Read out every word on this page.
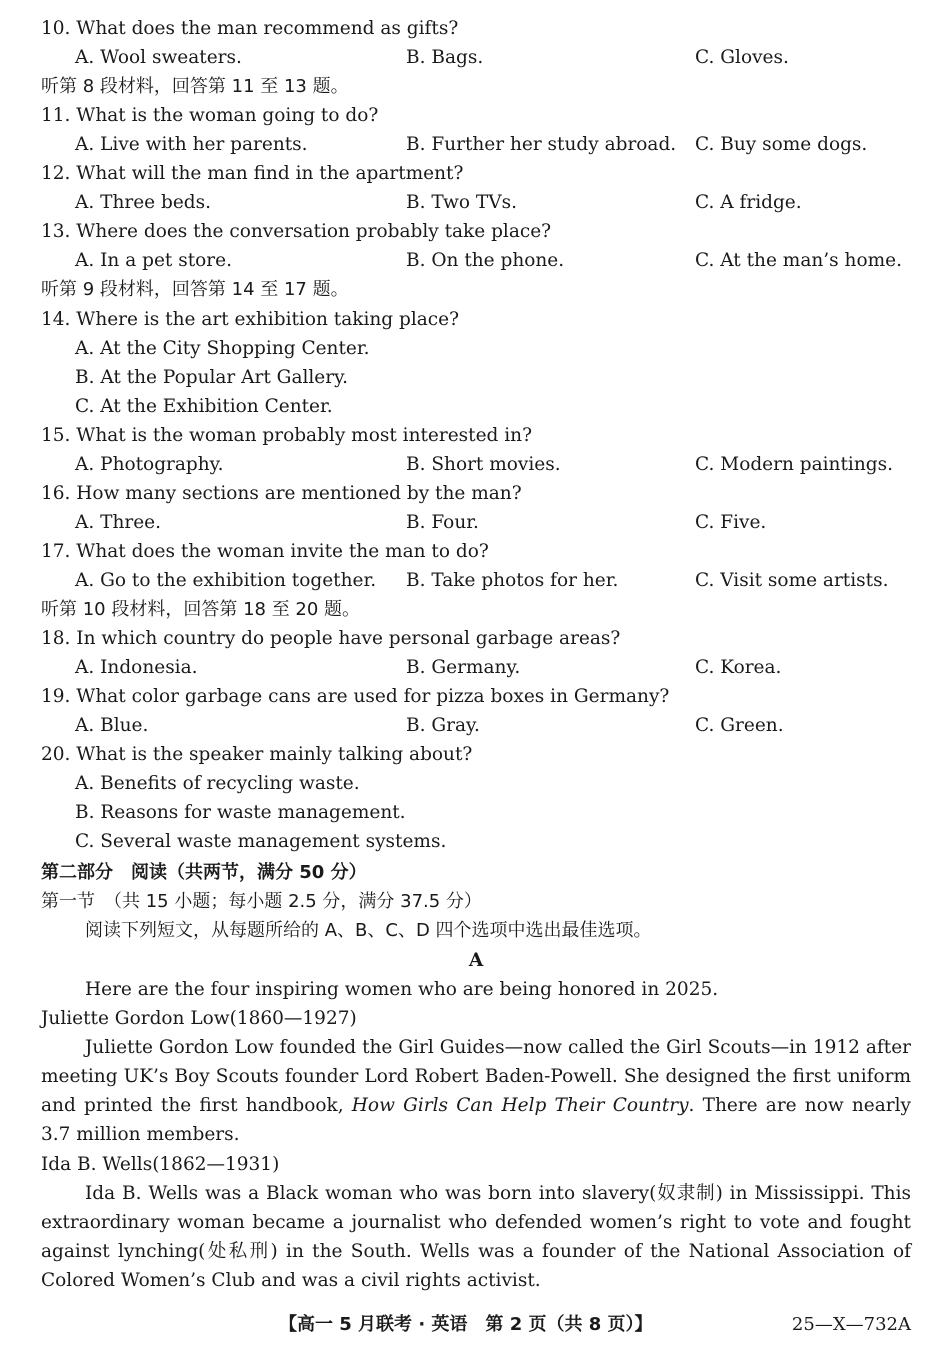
10. What does the man recommend as gifts?
A. Wool sweaters.	B. Bags.	C. Gloves.
听第 8 段材料，回答第 11 至 13 题。
11. What is the woman going to do?
A. Live with her parents.	B. Further her study abroad. C. Buy some dogs.
12. What will the man find in the apartment?
A. Three beds.	B. Two TVs.	C. A fridge.
13. Where does the conversation probably take place?
A. In a pet store.	B. On the phone.	C. At the man’s home.
听第 9 段材料，回答第 14 至 17 题。
14. Where is the art exhibition taking place?
A. At the City Shopping Center.
B. At the Popular Art Gallery.
C. At the Exhibition Center.
15. What is the woman probably most interested in?
A. Photography.	B. Short movies.	C. Modern paintings.
16. How many sections are mentioned by the man?
A. Three.	B. Four.	C. Five.
17. What does the woman invite the man to do?
A. Go to the exhibition together. B. Take photos for her.	C. Visit some artists.
听第 10 段材料，回答第 18 至 20 题。
18. In which country do people have personal garbage areas?
A. Indonesia.	B. Germany.	C. Korea.
19. What color garbage cans are used for pizza boxes in Germany?
A. Blue.	B. Gray.	C. Green.
20. What is the speaker mainly talking about?
A. Benefits of recycling waste.
B. Reasons for waste management.
C. Several waste management systems.
第二部分　阅读（共两节，满分 50 分）
第一节　（共 15 小题；每小题 2.5 分，满分 37.5 分）
阅读下列短文，从每题所给的 A、B、C、D 四个选项中选出最佳选项。
A
Here are the four inspiring women who are being honored in 2025.
Juliette Gordon Low(1860—1927)
Juliette Gordon Low founded the Girl Guides—now called the Girl Scouts—in 1912 after meeting UK’s Boy Scouts founder Lord Robert Baden-Powell. She designed the first uniform and printed the first handbook, How Girls Can Help Their Country. There are now nearly 3.7 million members.
Ida B. Wells(1862—1931)
Ida B. Wells was a Black woman who was born into slavery(奴隶制) in Mississippi. This extraordinary woman became a journalist who defended women’s right to vote and fought against lynching(处私刑) in the South. Wells was a founder of the National Association of Colored Women’s Club and was a civil rights activist.
【高一 5 月联考 · 英语　第 2 页（共 8 页）】	25—X—732A
